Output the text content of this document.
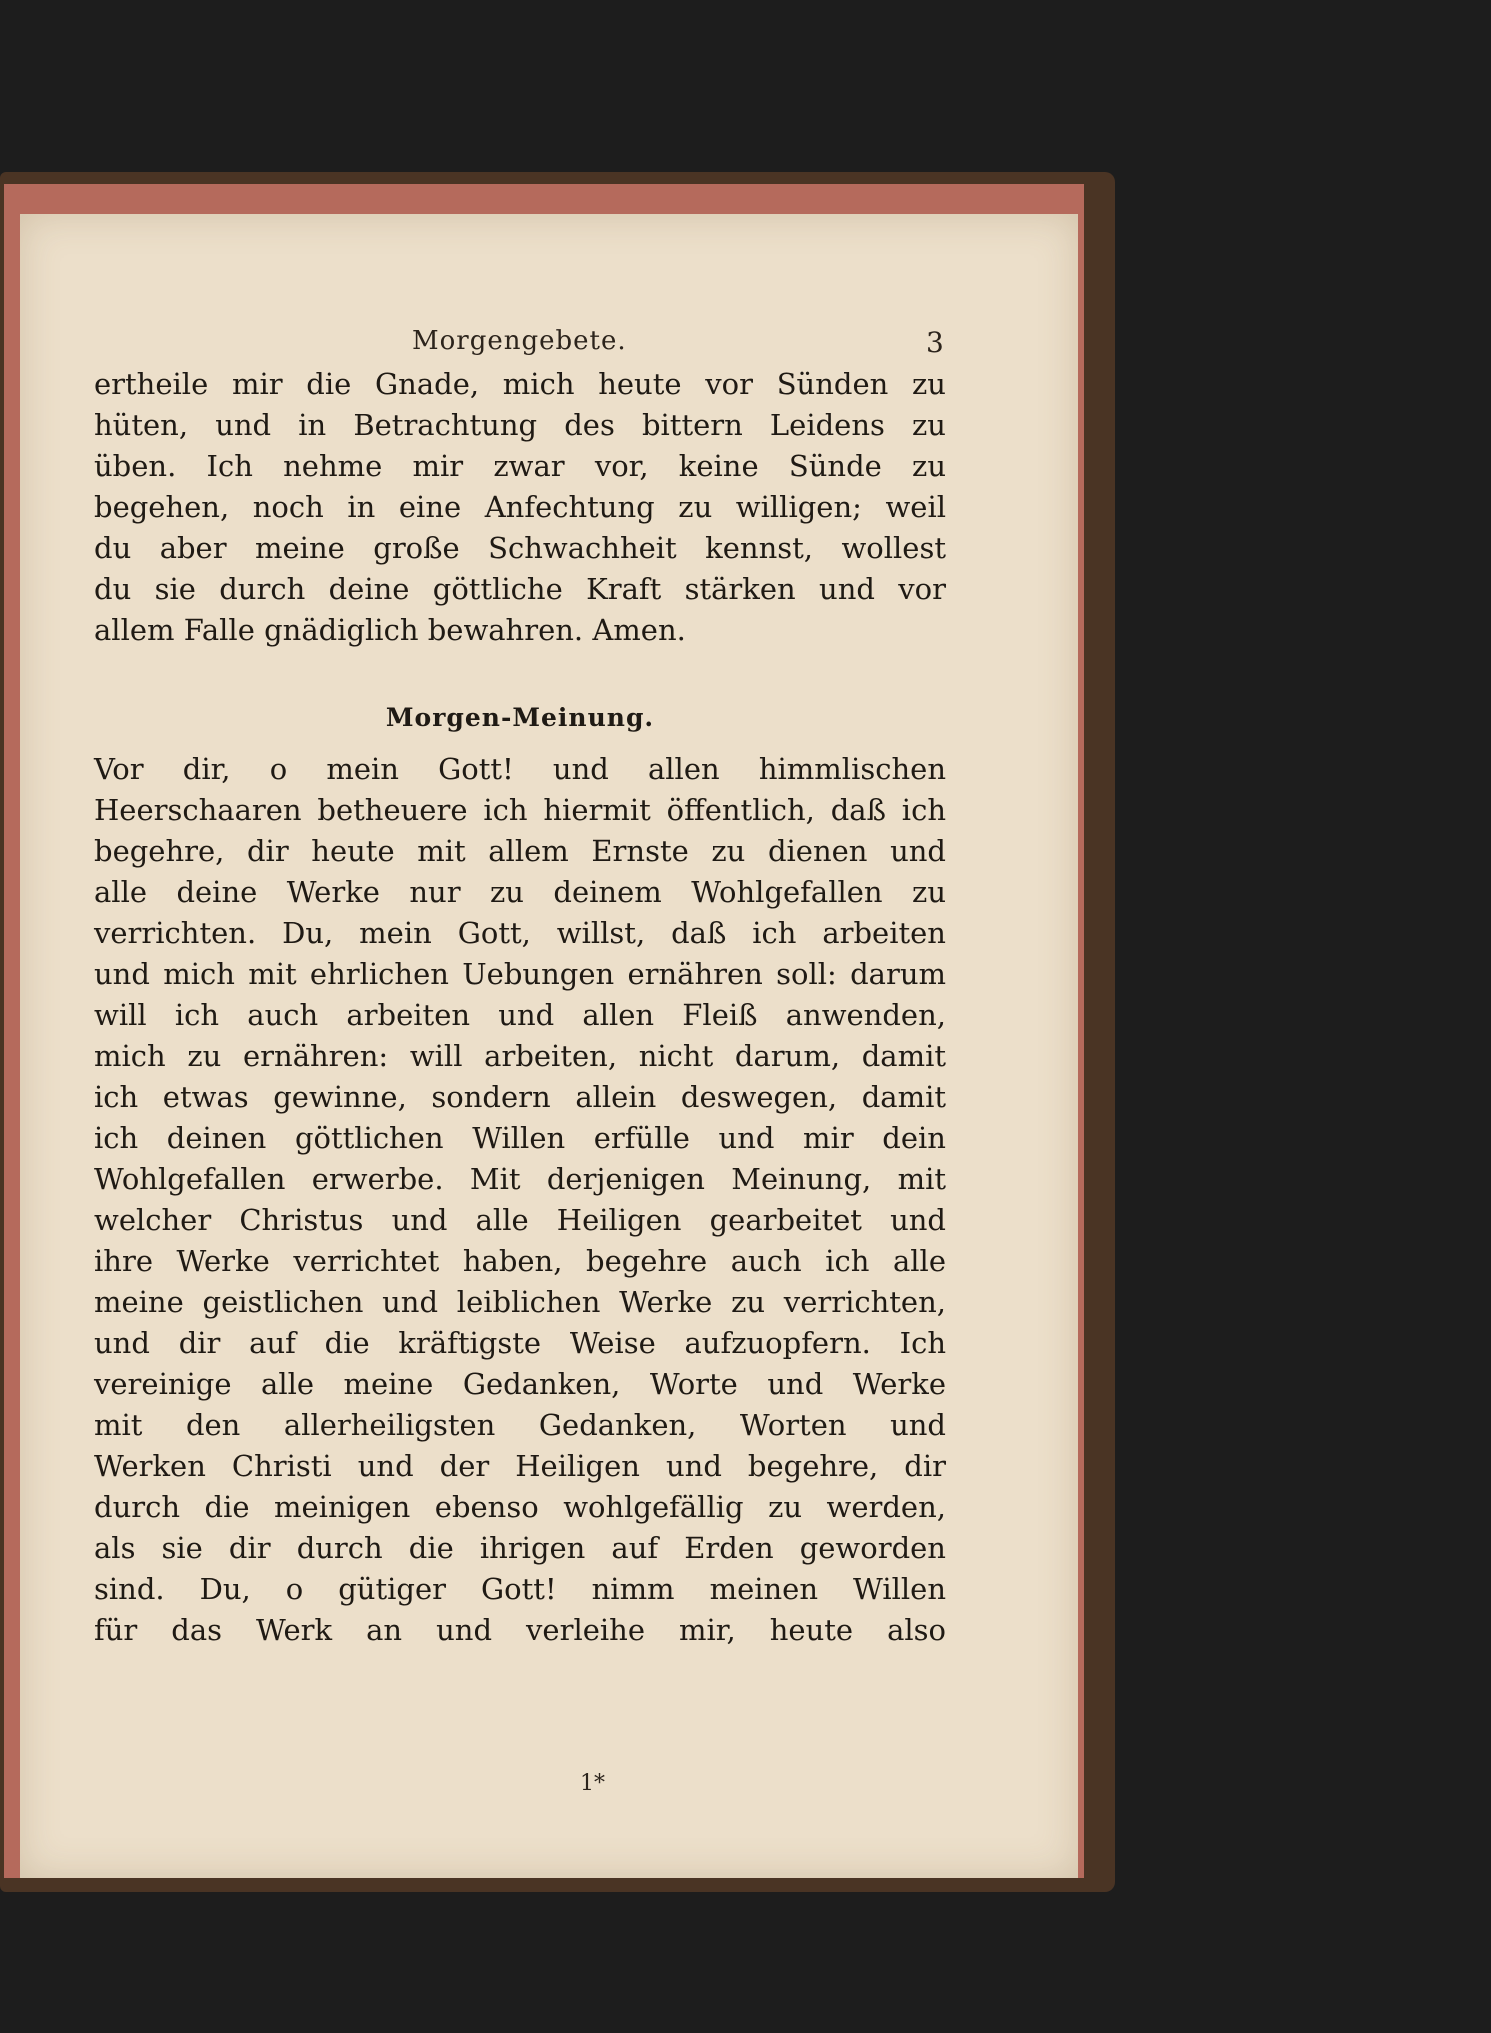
Morgengebete.	3
ertheile mir die Gnade, mich heute vor Sünden zu
hüten, und in Betrachtung des bittern Leidens zu
üben. Ich nehme mir zwar vor, keine Sünde zu
begehen, noch in eine Anfechtung zu willigen; weil
du aber meine große Schwachheit kennst, wollest
du sie durch deine göttliche Kraft stärken und vor
allem Falle gnädiglich bewahren. Amen.
Morgen-Meinung.
Vor dir, o mein Gott! und allen himmlischen
Heerschaaren betheuere ich hiermit öffentlich, daß ich
begehre, dir heute mit allem Ernste zu dienen und
alle deine Werke nur zu deinem Wohlgefallen zu
verrichten. Du, mein Gott, willst, daß ich arbeiten
und mich mit ehrlichen Uebungen ernähren soll: darum
will ich auch arbeiten und allen Fleiß anwenden,
mich zu ernähren: will arbeiten, nicht darum, damit
ich etwas gewinne, sondern allein deswegen, damit
ich deinen göttlichen Willen erfülle und mir dein
Wohlgefallen erwerbe. Mit derjenigen Meinung, mit
welcher Christus und alle Heiligen gearbeitet und
ihre Werke verrichtet haben, begehre auch ich alle
meine geistlichen und leiblichen Werke zu verrichten,
und dir auf die kräftigste Weise aufzuopfern. Ich
vereinige alle meine Gedanken, Worte und Werke
mit den allerheiligsten Gedanken, Worten und
Werken Christi und der Heiligen und begehre, dir
durch die meinigen ebenso wohlgefällig zu werden,
als sie dir durch die ihrigen auf Erden geworden
sind. Du, o gütiger Gott! nimm meinen Willen
für das Werk an und verleihe mir, heute also
1*
